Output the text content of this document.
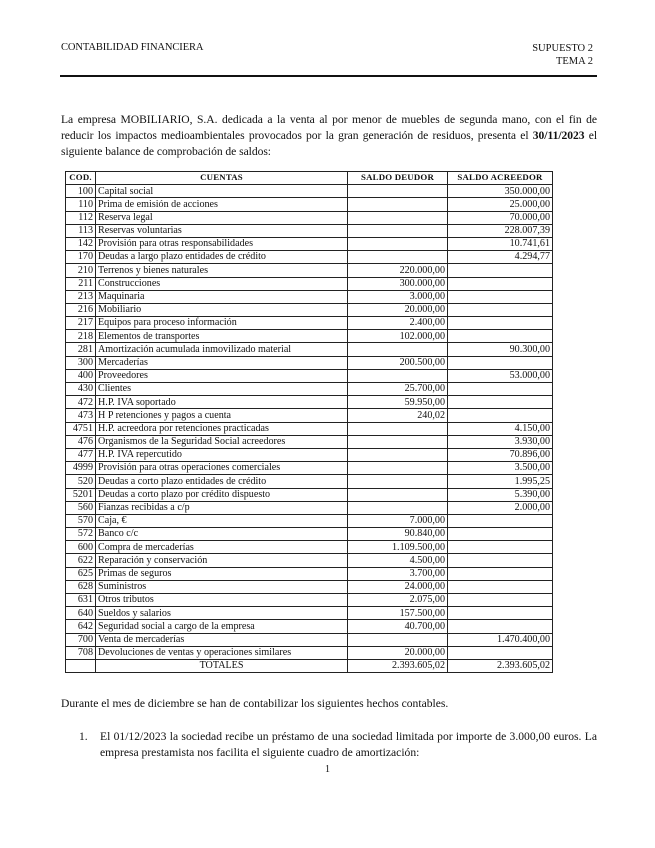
CONTABILIDAD FINANCIERA	SUPUESTO 2
TEMA 2

La empresa MOBILIARIO, S.A. dedicada a la venta al por menor de muebles de segunda mano, con el fin de reducir los impactos medioambientales provocados por la gran generación de residuos, presenta el 30/11/2023 el siguiente balance de comprobación de saldos:

COD.	CUENTAS	SALDO DEUDOR	SALDO ACREEDOR
100	Capital social		350.000,00
110	Prima de emisión de acciones		25.000,00
112	Reserva legal		70.000,00
113	Reservas voluntarias		228.007,39
142	Provisión para otras responsabilidades		10.741,61
170	Deudas a largo plazo entidades de crédito		4.294,77
210	Terrenos y bienes naturales	220.000,00	
211	Construcciones	300.000,00	
213	Maquinaria	3.000,00	
216	Mobiliario	20.000,00	
217	Equipos para proceso información	2.400,00	
218	Elementos de transportes	102.000,00	
281	Amortización acumulada inmovilizado material		90.300,00
300	Mercaderías	200.500,00	
400	Proveedores		53.000,00
430	Clientes	25.700,00	
472	H.P. IVA soportado	59.950,00	
473	H P retenciones y pagos a cuenta	240,02	
4751	H.P. acreedora por retenciones practicadas		4.150,00
476	Organismos de la Seguridad Social acreedores		3.930,00
477	H.P. IVA repercutido		70.896,00
4999	Provisión para otras operaciones comerciales		3.500,00
520	Deudas a corto plazo entidades de crédito		1.995,25
5201	Deudas a corto plazo por crédito dispuesto		5.390,00
560	Fianzas recibidas a c/p		2.000,00
570	Caja, €	7.000,00	
572	Banco c/c	90.840,00	
600	Compra de mercaderías	1.109.500,00	
622	Reparación y conservación	4.500,00	
625	Primas de seguros	3.700,00	
628	Suministros	24.000,00	
631	Otros tributos	2.075,00	
640	Sueldos y salarios	157.500,00	
642	Seguridad social a cargo de la empresa	40.700,00	
700	Venta de mercaderías		1.470.400,00
708	Devoluciones de ventas y operaciones similares	20.000,00	
	TOTALES	2.393.605,02	2.393.605,02
Durante el mes de diciembre se han de contabilizar los siguientes hechos contables.
1. El 01/12/2023 la sociedad recibe un préstamo de una sociedad limitada por importe de 3.000,00 euros. La empresa prestamista nos facilita el siguiente cuadro de amortización:
1
